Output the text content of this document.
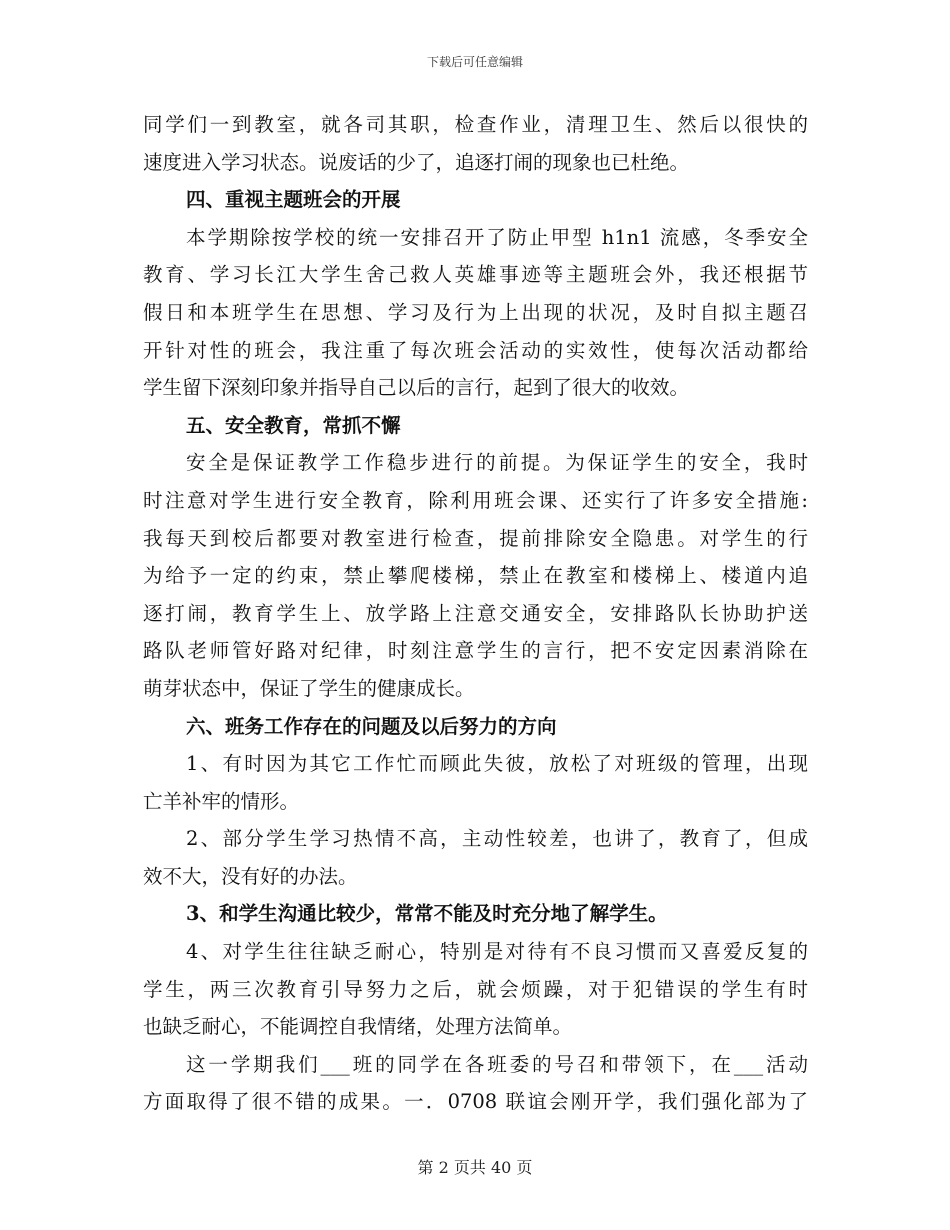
下载后可任意编辑
同学们一到教室，就各司其职，检查作业，清理卫生、然后以很快的
速度进入学习状态。说废话的少了，追逐打闹的现象也已杜绝。
四、重视主题班会的开展
本学期除按学校的统一安排召开了防止甲型 h1n1 流感，冬季安全
教育、学习长江大学生舍己救人英雄事迹等主题班会外，我还根据节
假日和本班学生在思想、学习及行为上出现的状况，及时自拟主题召
开针对性的班会，我注重了每次班会活动的实效性，使每次活动都给
学生留下深刻印象并指导自己以后的言行，起到了很大的收效。
五、安全教育，常抓不懈
安全是保证教学工作稳步进行的前提。为保证学生的安全，我时
时注意对学生进行安全教育，除利用班会课、还实行了许多安全措施:
我每天到校后都要对教室进行检查，提前排除安全隐患。对学生的行
为给予一定的约束，禁止攀爬楼梯，禁止在教室和楼梯上、楼道内追
逐打闹，教育学生上、放学路上注意交通安全，安排路队长协助护送
路队老师管好路对纪律，时刻注意学生的言行，把不安定因素消除在
萌芽状态中，保证了学生的健康成长。
六、班务工作存在的问题及以后努力的方向
1、有时因为其它工作忙而顾此失彼，放松了对班级的管理，出现
亡羊补牢的情形。
2、部分学生学习热情不高，主动性较差，也讲了，教育了，但成
效不大，没有好的办法。
3、和学生沟通比较少，常常不能及时充分地了解学生。
4、对学生往往缺乏耐心，特别是对待有不良习惯而又喜爱反复的
学生，两三次教育引导努力之后，就会烦躁，对于犯错误的学生有时
也缺乏耐心，不能调控自我情绪，处理方法简单。
这一学期我们___班的同学在各班委的号召和带领下，在___活动
方面取得了很不错的成果。一．0708 联谊会刚开学，我们强化部为了
第 2 页共 40 页
